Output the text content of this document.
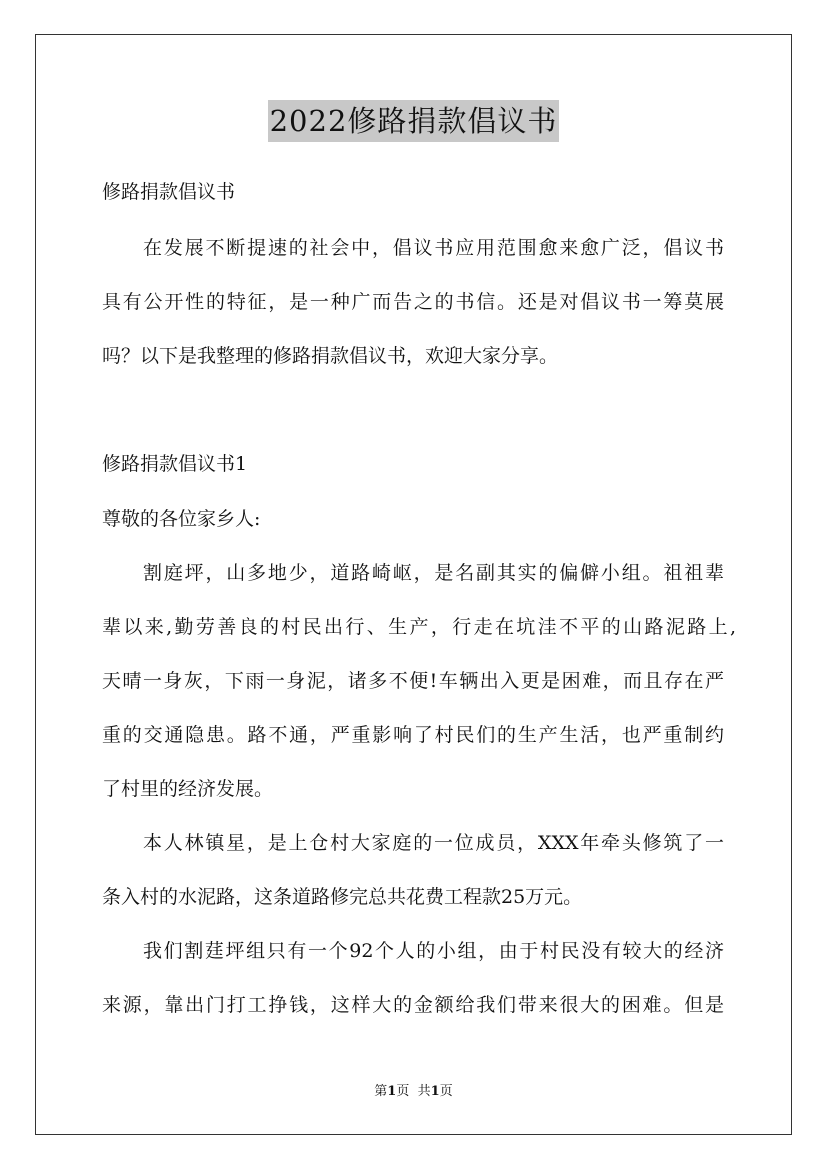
2022修路捐款倡议书
修路捐款倡议书
在发展不断提速的社会中，倡议书应用范围愈来愈广泛，倡议书
具有公开性的特征，是一种广而告之的书信。还是对倡议书一筹莫展
吗？以下是我整理的修路捐款倡议书，欢迎大家分享。
修路捐款倡议书1
尊敬的各位家乡人:
割庭坪，山多地少，道路崎岖，是名副其实的偏僻小组。祖祖辈
辈以来,勤劳善良的村民出行、生产，行走在坑洼不平的山路泥路上,
天晴一身灰，下雨一身泥，诸多不便!车辆出入更是困难，而且存在严
重的交通隐患。路不通，严重影响了村民们的生产生活，也严重制约
了村里的经济发展。
本人林镇星，是上仓村大家庭的一位成员，XXX年牵头修筑了一
条入村的水泥路，这条道路修完总共花费工程款25万元。
我们割莛坪组只有一个92个人的小组，由于村民没有较大的经济
来源，靠出门打工挣钱，这样大的金额给我们带来很大的困难。但是
第1页 共1页
